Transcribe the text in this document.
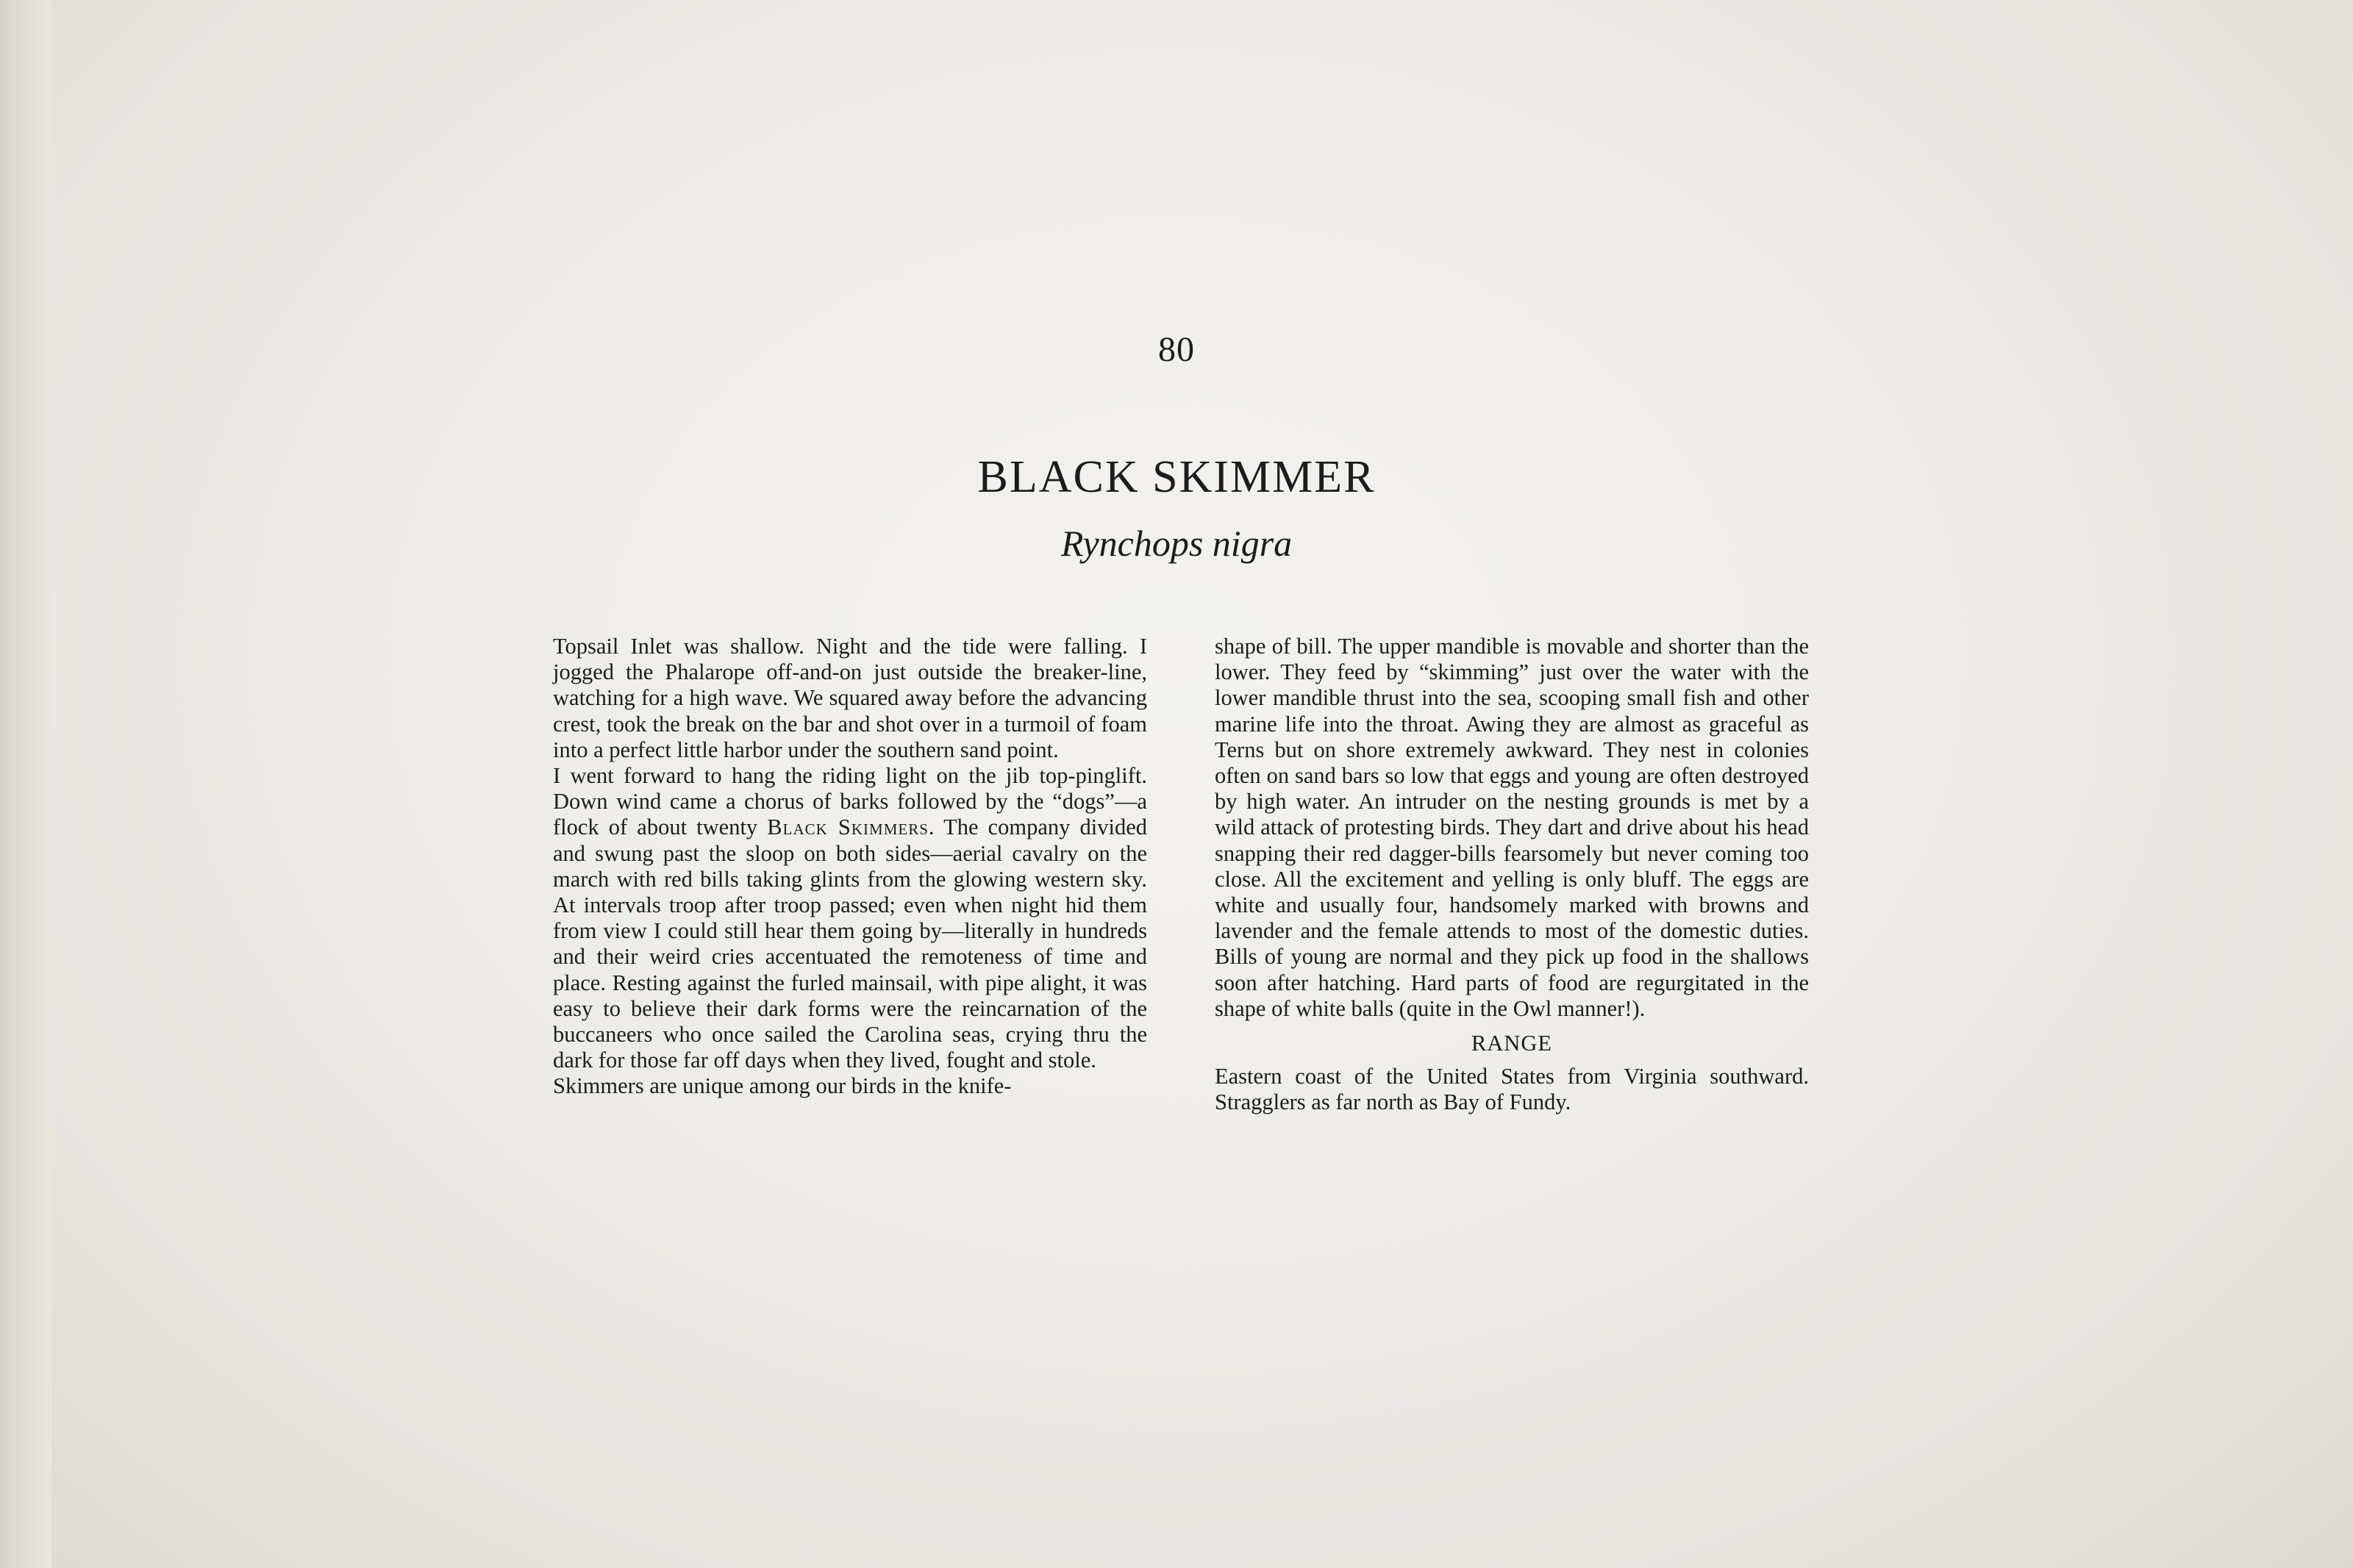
80
BLACK SKIMMER
Rynchops nigra

Topsail Inlet was shallow. Night and the tide were falling. I jogged the Phalarope off-and-on just outside the breaker-line, watching for a high wave. We squared away before the advancing crest, took the break on the bar and shot over in a turmoil of foam into a perfect little harbor under the southern sand point.

I went forward to hang the riding light on the jib top-pinglift. Down wind came a chorus of barks followed by the “dogs”—a flock of about twenty Black Skimmers. The company divided and swung past the sloop on both sides—aerial cavalry on the march with red bills taking glints from the glowing western sky. At intervals troop after troop passed; even when night hid them from view I could still hear them going by—literally in hundreds and their weird cries accentuated the remoteness of time and place. Resting against the furled mainsail, with pipe alight, it was easy to believe their dark forms were the reincarnation of the buccaneers who once sailed the Carolina seas, crying thru the dark for those far off days when they lived, fought and stole.

Skimmers are unique among our birds in the knife-

shape of bill. The upper mandible is movable and shorter than the lower. They feed by “skimming” just over the water with the lower mandible thrust into the sea, scooping small fish and other marine life into the throat. Awing they are almost as graceful as Terns but on shore extremely awkward. They nest in colonies often on sand bars so low that eggs and young are often destroyed by high water. An intruder on the nesting grounds is met by a wild attack of protesting birds. They dart and drive about his head snapping their red dagger-bills fearsomely but never coming too close. All the excitement and yelling is only bluff. The eggs are white and usually four, handsomely marked with browns and lavender and the female attends to most of the domestic duties. Bills of young are normal and they pick up food in the shallows soon after hatching. Hard parts of food are regurgitated in the shape of white balls (quite in the Owl manner!).

RANGE

Eastern coast of the United States from Virginia southward. Stragglers as far north as Bay of Fundy.
